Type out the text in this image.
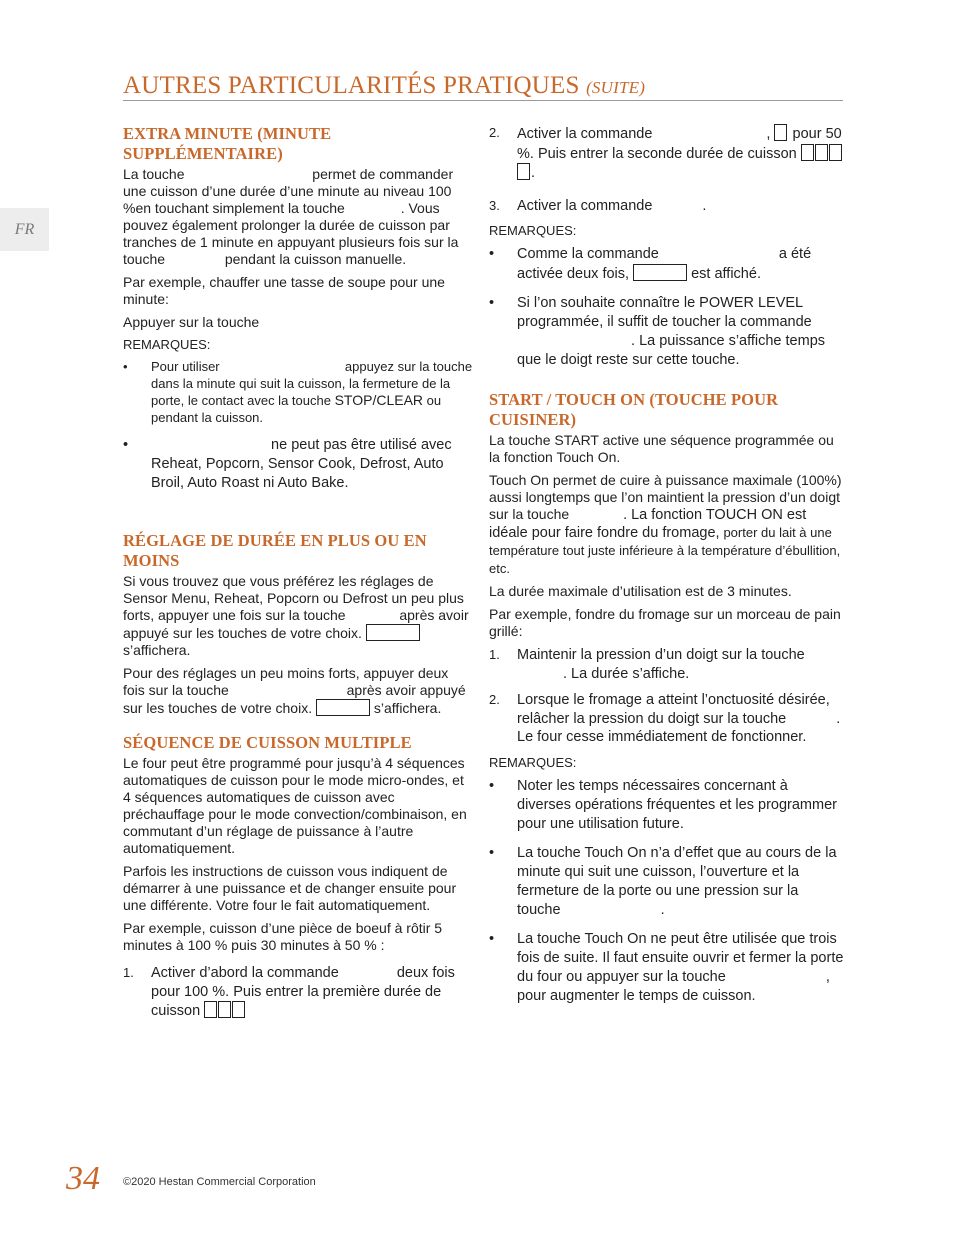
AUTRES PARTICULARITÉS PRATIQUES (SUITE)
FR
EXTRA MINUTE (MINUTE SUPPLÉMENTAIRE)
La touche	permet de commander une cuisson d’une durée d’une minute au niveau 100 %en touchant simplement la touche	. Vous pouvez également prolonger la durée de cuisson par tranches de 1 minute en appuyant plusieurs fois sur la touche	pendant la cuisson manuelle.
Par exemple, chauffer une tasse de soupe pour une minute:
Appuyer sur la touche
REMARQUES:
• Pour utiliser	appuyez sur la touche dans la minute qui suit la cuisson, la fermeture de la porte, le contact avec la touche STOP/CLEAR ou pendant la cuisson.
• ne peut pas être utilisé avec Reheat, Popcorn, Sensor Cook, Defrost, Auto Broil, Auto Roast ni Auto Bake.
RÉGLAGE DE DURÉE EN PLUS OU EN MOINS
Si vous trouvez que vous préférez les réglages de Sensor Menu, Reheat, Popcorn ou Defrost un peu plus forts, appuyer une fois sur la touche	après avoir appuyé sur les touches de votre choix.  s’affichera.
Pour des réglages un peu moins forts, appuyer deux fois sur la touche	après avoir appuyé sur les touches de votre choix.	s’affichera.
SÉQUENCE DE CUISSON MULTIPLE
Le four peut être programmé pour jusqu’à 4 séquences automatiques de cuisson pour le mode micro-ondes, et 4 séquences automatiques de cuisson avec préchauffage pour le mode convection/combinaison, en commutant d’un réglage de puissance à l’autre automatiquement.
Parfois les instructions de cuisson vous indiquent de démarrer à une puissance et de changer ensuite pour une différente. Votre four le fait automatiquement.
Par exemple, cuisson d’une pièce de boeuf à rôtir 5 minutes à 100 % puis 30 minutes à 50 % :
1. Activer d’abord la commande	deux fois pour 100 %. Puis entrer la première durée de cuisson
2. Activer la commande	, pour 50 %. Puis entrer la seconde durée de cuisson .
3. Activer la commande	.
REMARQUES:
• Comme la commande	a été activée deux fois,	est affiché.
• Si l’on souhaite connaître le POWER LEVEL programmée, il suffit de toucher la commande  . La puissance s’affiche temps que le doigt reste sur cette touche.
START / TOUCH ON (TOUCHE POUR CUISINER)
La touche START active une séquence programmée ou la fonction Touch On.
Touch On permet de cuire à puissance maximale (100%) aussi longtemps que l’on maintient la pression d’un doigt sur la touche	. La fonction TOUCH ON est idéale pour faire fondre du fromage, porter du lait à une température tout juste inférieure à la température d’ébullition, etc.
La durée maximale d’utilisation est de 3 minutes.
Par exemple, fondre du fromage sur un morceau de pain grillé:
1. Maintenir la pression d’un doigt sur la touche . La durée s’affiche.
2. Lorsque le fromage a atteint l’onctuosité désirée, relâcher la pression du doigt sur la touche	. Le four cesse immédiatement de fonctionner.
REMARQUES:
• Noter les temps nécessaires concernant à diverses opérations fréquentes et les programmer pour une utilisation future.
• La touche Touch On n’a d’effet que au cours de la minute qui suit une cuisson, l’ouverture et la fermeture de la porte ou une pression sur la touche	.
• La touche Touch On ne peut être utilisée que trois fois de suite. Il faut ensuite ouvrir et fermer la porte du four ou appuyer sur la touche	, pour augmenter le temps de cuisson.
34 ©2020 Hestan Commercial Corporation
